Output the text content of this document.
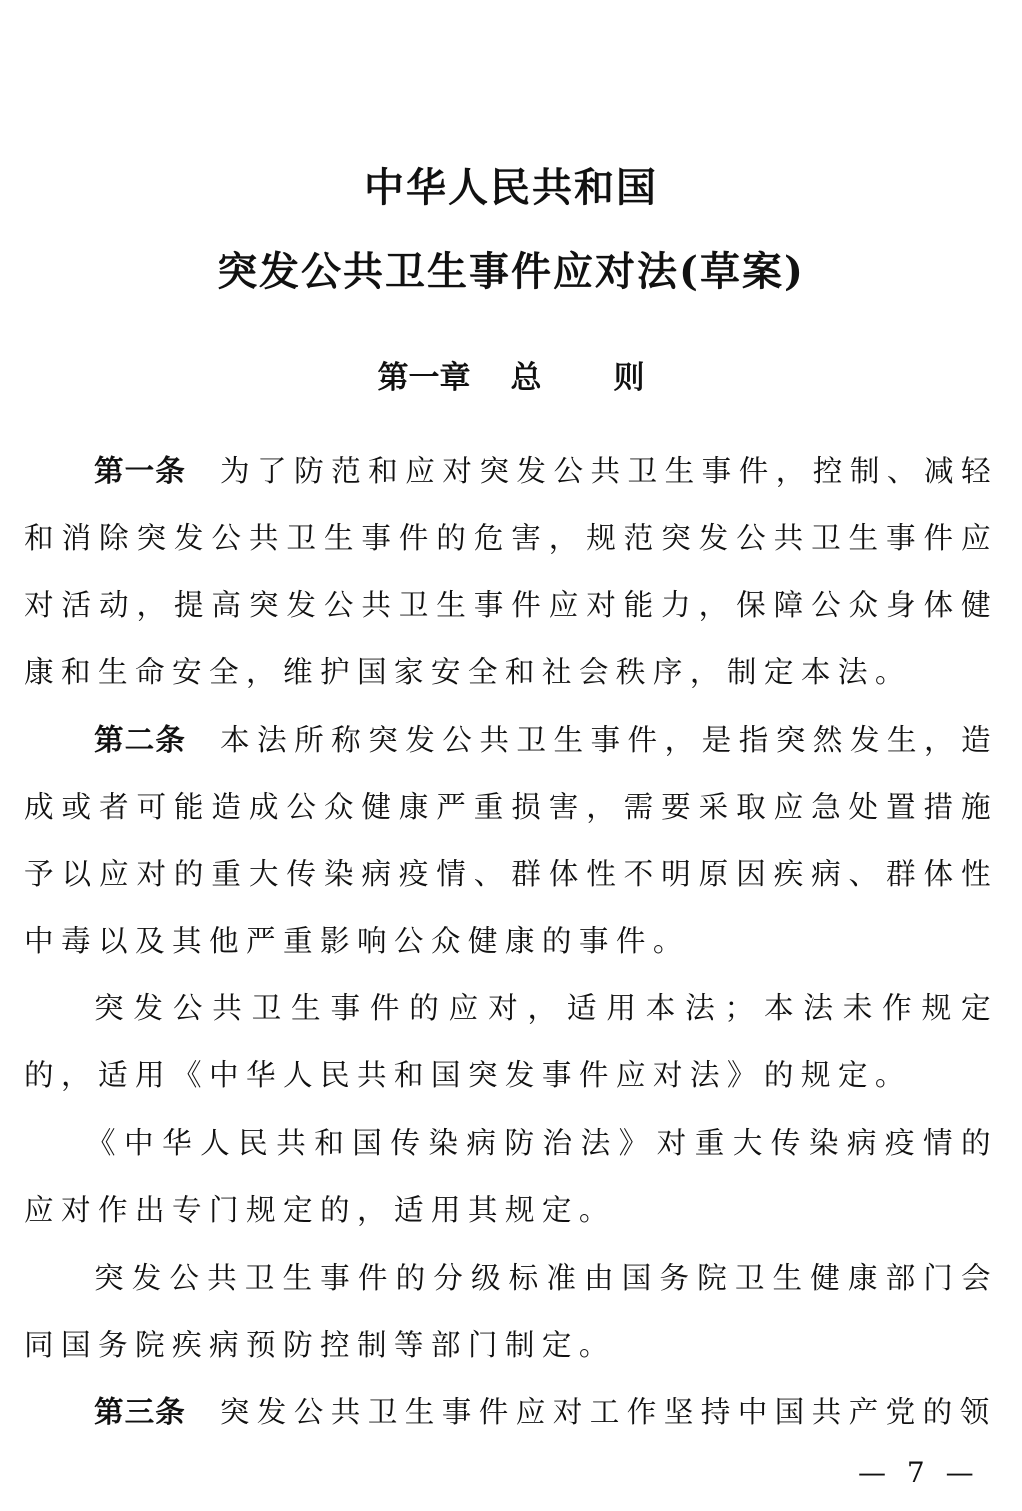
中华人民共和国
突发公共卫生事件应对法(草案)
第一章 总 则

第一条 为了防范和应对突发公共卫生事件，控制、减轻和消除突发公共卫生事件的危害，规范突发公共卫生事件应对活动，提高突发公共卫生事件应对能力，保障公众身体健康和生命安全，维护国家安全和社会秩序，制定本法。

第二条 本法所称突发公共卫生事件，是指突然发生，造成或者可能造成公众健康严重损害，需要采取应急处置措施予以应对的重大传染病疫情、群体性不明原因疾病、群体性中毒以及其他严重影响公众健康的事件。

突发公共卫生事件的应对，适用本法；本法未作规定的，适用《中华人民共和国突发事件应对法》的规定。

《中华人民共和国传染病防治法》对重大传染病疫情的应对作出专门规定的，适用其规定。

突发公共卫生事件的分级标准由国务院卫生健康部门会同国务院疾病预防控制等部门制定。

第三条 突发公共卫生事件应对工作坚持中国共产党的领

— 7 —
